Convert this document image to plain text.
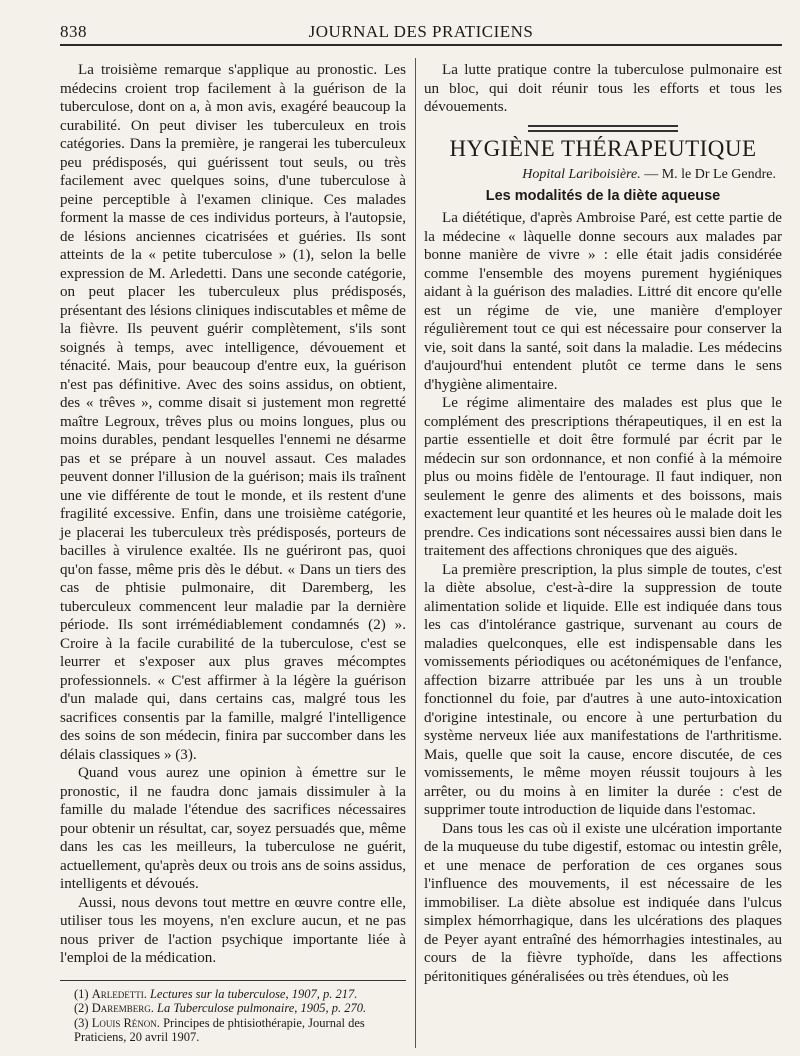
838	JOURNAL DES PRATICIENS

La troisième remarque s'applique au pronostic. Les médecins croient trop facilement à la guérison de la tuberculose, dont on a, à mon avis, exagéré beaucoup la curabilité. On peut diviser les tuberculeux en trois catégories. Dans la première, je rangerai les tuberculeux peu prédisposés, qui guérissent tout seuls, ou très facilement avec quelques soins, d'une tuberculose à peine perceptible à l'examen clinique. Ces malades forment la masse de ces individus porteurs, à l'autopsie, de lésions anciennes cicatrisées et guéries. Ils sont atteints de la « petite tuberculose » (1), selon la belle expression de M. Arledetti. Dans une seconde catégorie, on peut placer les tuberculeux plus prédisposés, présentant des lésions cliniques indiscutables et même de la fièvre. Ils peuvent guérir complètement, s'ils sont soignés à temps, avec intelligence, dévouement et ténacité. Mais, pour beaucoup d'entre eux, la guérison n'est pas définitive. Avec des soins assidus, on obtient, des « trêves », comme disait si justement mon regretté maître Legroux, trêves plus ou moins longues, plus ou moins durables, pendant lesquelles l'ennemi ne désarme pas et se prépare à un nouvel assaut. Ces malades peuvent donner l'illusion de la guérison; mais ils traînent une vie différente de tout le monde, et ils restent d'une fragilité excessive. Enfin, dans une troisième catégorie, je placerai les tuberculeux très prédisposés, porteurs de bacilles à virulence exaltée. Ils ne guériront pas, quoi qu'on fasse, même pris dès le début. « Dans un tiers des cas de phtisie pulmonaire, dit Daremberg, les tuberculeux commencent leur maladie par la dernière période. Ils sont irrémédiablement condamnés (2) ». Croire à la facile curabilité de la tuberculose, c'est se leurrer et s'exposer aux plus graves mécomptes professionnels. « C'est affirmer à la légère la guérison d'un malade qui, dans certains cas, malgré tous les sacrifices consentis par la famille, malgré l'intelligence des soins de son médecin, finira par succomber dans les délais classiques » (3).

Quand vous aurez une opinion à émettre sur le pronostic, il ne faudra donc jamais dissimuler à la famille du malade l'étendue des sacrifices nécessaires pour obtenir un résultat, car, soyez persuadés que, même dans les cas les meilleurs, la tuberculose ne guérit, actuellement, qu'après deux ou trois ans de soins assidus, intelligents et dévoués.

Aussi, nous devons tout mettre en œuvre contre elle, utiliser tous les moyens, n'en exclure aucun, et ne pas nous priver de l'action psychique importante liée à l'emploi de la médication.

(1) Arledetti. Lectures sur la tuberculose, 1907, p. 217.

(2) Daremberg. La Tuberculose pulmonaire, 1905, p. 270.

(3) Louis Rénon. Principes de phtisiothérapie, Journal des Praticiens, 20 avril 1907.

La lutte pratique contre la tuberculose pulmonaire est un bloc, qui doit réunir tous les efforts et tous les dévouements.

HYGIÈNE THÉRAPEUTIQUE
Hopital Lariboisière. — M. le Dr Le Gendre.
Les modalités de la diète aqueuse

La diététique, d'après Ambroise Paré, est cette partie de la médecine « làquelle donne secours aux malades par bonne manière de vivre » : elle était jadis considérée comme l'ensemble des moyens purement hygiéniques aidant à la guérison des maladies. Littré dit encore qu'elle est un régime de vie, une manière d'employer régulièrement tout ce qui est nécessaire pour conserver la vie, soit dans la santé, soit dans la maladie. Les médecins d'aujourd'hui entendent plutôt ce terme dans le sens d'hygiène alimentaire.

Le régime alimentaire des malades est plus que le complément des prescriptions thérapeutiques, il en est la partie essentielle et doit être formulé par écrit par le médecin sur son ordonnance, et non confié à la mémoire plus ou moins fidèle de l'entourage. Il faut indiquer, non seulement le genre des aliments et des boissons, mais exactement leur quantité et les heures où le malade doit les prendre. Ces indications sont nécessaires aussi bien dans le traitement des affections chroniques que des aiguës.

La première prescription, la plus simple de toutes, c'est la diète absolue, c'est-à-dire la suppression de toute alimentation solide et liquide. Elle est indiquée dans tous les cas d'intolérance gastrique, survenant au cours de maladies quelconques, elle est indispensable dans les vomissements périodiques ou acétonémiques de l'enfance, affection bizarre attribuée par les uns à un trouble fonctionnel du foie, par d'autres à une auto-intoxication d'origine intestinale, ou encore à une perturbation du système nerveux liée aux manifestations de l'arthritisme. Mais, quelle que soit la cause, encore discutée, de ces vomissements, le même moyen réussit toujours à les arrêter, ou du moins à en limiter la durée : c'est de supprimer toute introduction de liquide dans l'estomac.

Dans tous les cas où il existe une ulcération importante de la muqueuse du tube digestif, estomac ou intestin grêle, et une menace de perforation de ces organes sous l'influence des mouvements, il est nécessaire de les immobiliser. La diète absolue est indiquée dans l'ulcus simplex hémorrhagique, dans les ulcérations des plaques de Peyer ayant entraîné des hémorrhagies intestinales, au cours de la fièvre typhoïde, dans les affections péritonitiques généralisées ou très étendues, où les
